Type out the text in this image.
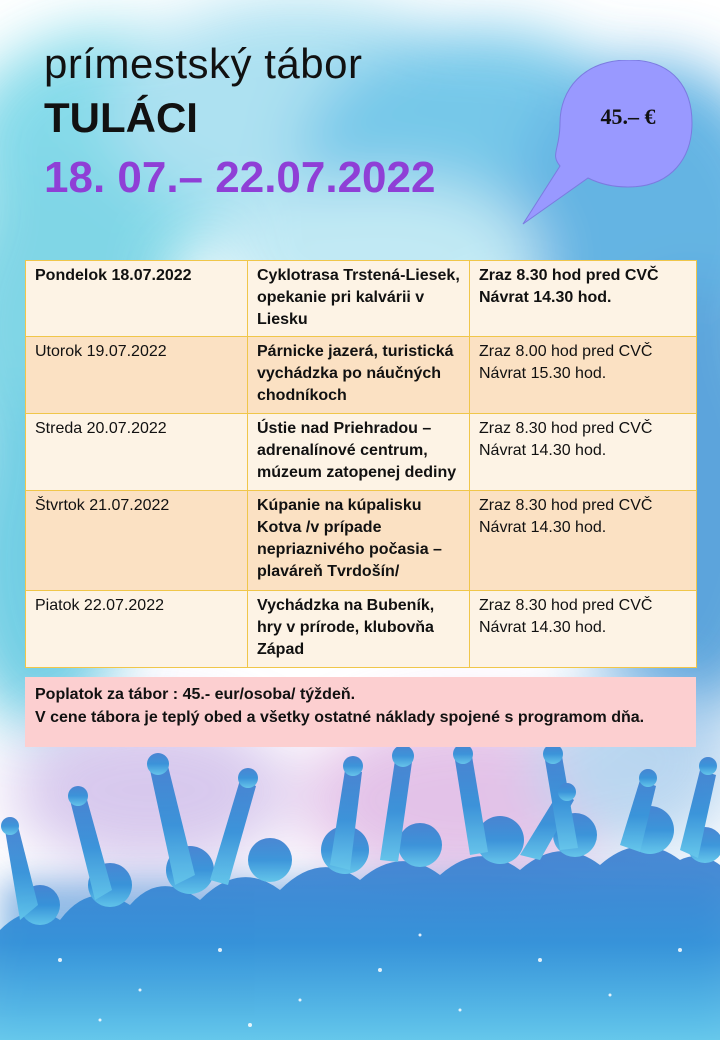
prímestský tábor

TULÁCI

18. 07.– 22.07.2022

45.– €
Pondelok 18.07.2022	Cyklotrasa Trstená-Liesek, opekanie pri kalvárii v Liesku	Zraz 8.30 hod pred CVČ
Návrat 14.30 hod.

Utorok 19.07.2022	Párnicke jazerá, turistická vychádzka po náučných chodníkoch	Zraz 8.00 hod pred CVČ
Návrat 15.30 hod.

Streda 20.07.2022	Ústie nad Priehradou – adrenalínové centrum, múzeum zatopenej dediny	Zraz 8.30 hod pred CVČ
Návrat 14.30 hod.

Štvrtok 21.07.2022	Kúpanie na kúpalisku Kotva /v prípade nepriaznivého počasia – plaváreň Tvrdošín/	Zraz 8.30 hod pred CVČ
Návrat 14.30 hod.

Piatok 22.07.2022	Vychádzka na Bubeník, hry v prírode, klubovňa Západ	Zraz 8.30 hod pred CVČ
Návrat 14.30 hod.

Poplatok za tábor : 45.- eur/osoba/ týždeň.

V cene tábora je teplý obed a všetky ostatné náklady spojené s programom dňa.
